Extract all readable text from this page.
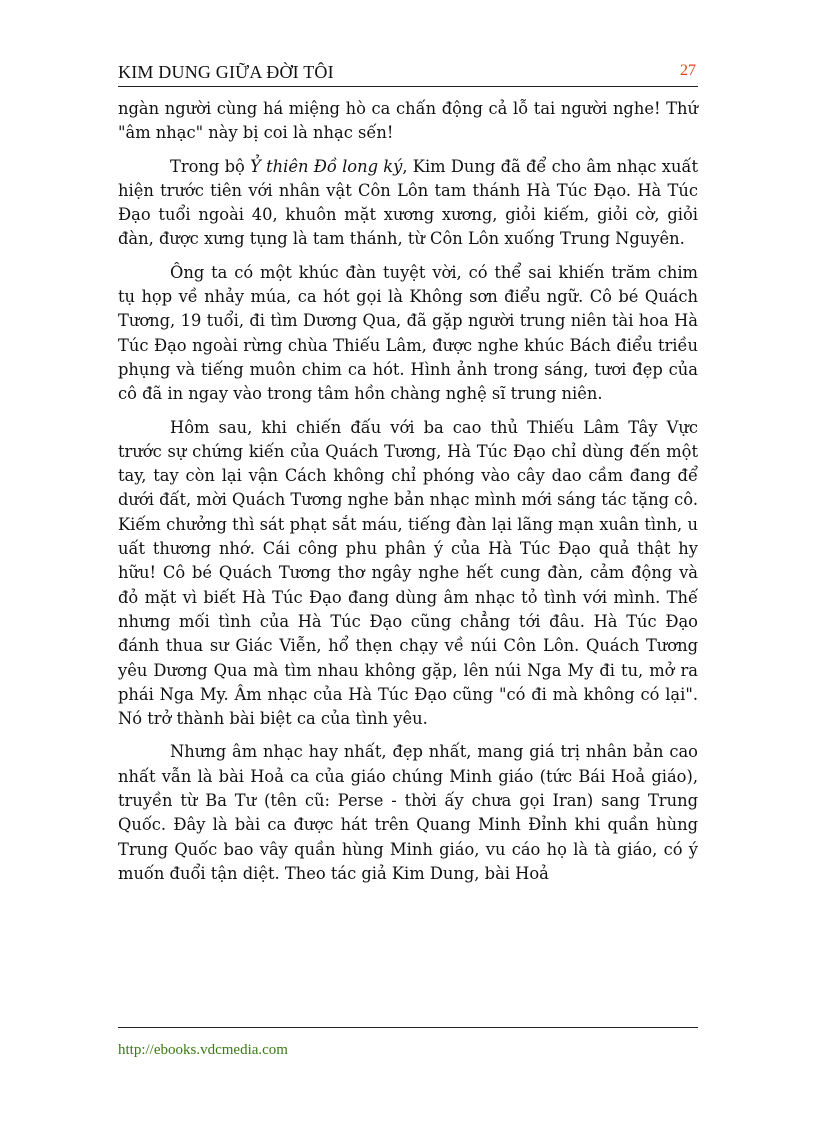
KIM DUNG GIỮA ĐỜI TÔI	27

ngàn người cùng há miệng hò ca chấn động cả lỗ tai người nghe! Thứ "âm nhạc" này bị coi là nhạc sến!

Trong bộ Ỷ thiên Đồ long ký, Kim Dung đã để cho âm nhạc xuất hiện trước tiên với nhân vật Côn Lôn tam thánh Hà Túc Đạo. Hà Túc Đạo tuổi ngoài 40, khuôn mặt xương xương, giỏi kiếm, giỏi cờ, giỏi đàn, được xưng tụng là tam thánh, từ Côn Lôn xuống Trung Nguyên.

Ông ta có một khúc đàn tuyệt vời, có thể sai khiến trăm chim tụ họp về nhảy múa, ca hót gọi là Không sơn điểu ngữ. Cô bé Quách Tương, 19 tuổi, đi tìm Dương Qua, đã gặp người trung niên tài hoa Hà Túc Đạo ngoài rừng chùa Thiếu Lâm, được nghe khúc Bách điểu triều phụng và tiếng muôn chim ca hót. Hình ảnh trong sáng, tươi đẹp của cô đã in ngay vào trong tâm hồn chàng nghệ sĩ trung niên.

Hôm sau, khi chiến đấu với ba cao thủ Thiếu Lâm Tây Vực trước sự chứng kiến của Quách Tương, Hà Túc Đạo chỉ dùng đến một tay, tay còn lại vận Cách không chỉ phóng vào cây dao cầm đang để dưới đất, mời Quách Tương nghe bản nhạc mình mới sáng tác tặng cô. Kiếm chưởng thì sát phạt sắt máu, tiếng đàn lại lãng mạn xuân tình, u uất thương nhớ. Cái công phu phân ý của Hà Túc Đạo quả thật hy hữu! Cô bé Quách Tương thơ ngây nghe hết cung đàn, cảm động và đỏ mặt vì biết Hà Túc Đạo đang dùng âm nhạc tỏ tình với mình. Thế nhưng mối tình của Hà Túc Đạo cũng chẳng tới đâu. Hà Túc Đạo đánh thua sư Giác Viễn, hổ thẹn chạy về núi Côn Lôn. Quách Tương yêu Dương Qua mà tìm nhau không gặp, lên núi Nga My đi tu, mở ra phái Nga My. Âm nhạc của Hà Túc Đạo cũng "có đi mà không có lại". Nó trở thành bài biệt ca của tình yêu.

Nhưng âm nhạc hay nhất, đẹp nhất, mang giá trị nhân bản cao nhất vẫn là bài Hoả ca của giáo chúng Minh giáo (tức Bái Hoả giáo), truyền từ Ba Tư (tên cũ: Perse - thời ấy chưa gọi Iran) sang Trung Quốc. Đây là bài ca được hát trên Quang Minh Đỉnh khi quần hùng Trung Quốc bao vây quần hùng Minh giáo, vu cáo họ là tà giáo, có ý muốn đuổi tận diệt. Theo tác giả Kim Dung, bài Hoả

http://ebooks.vdcmedia.com
